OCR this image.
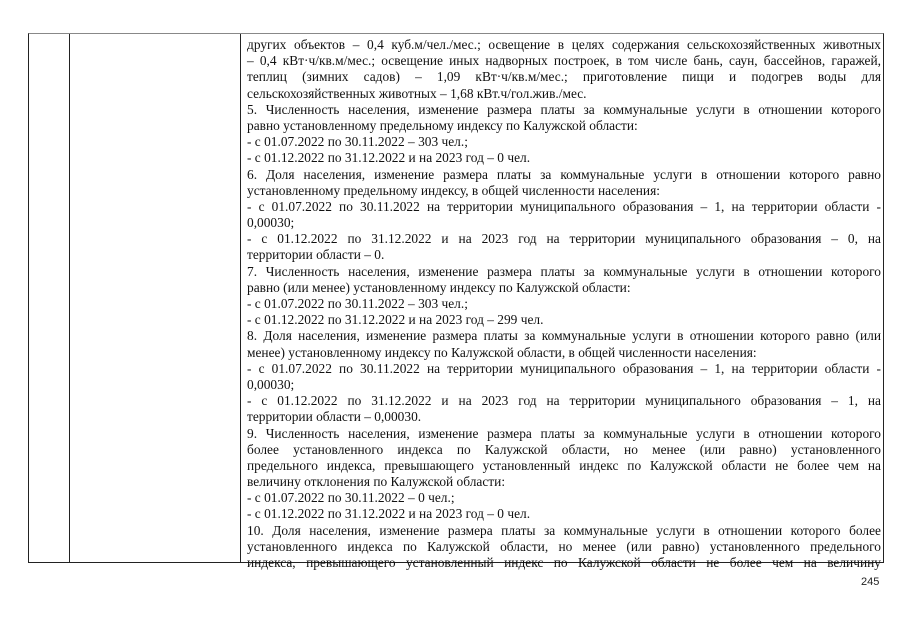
других объектов – 0,4 куб.м/чел./мес.; освещение в целях содержания сельскохозяйственных животных
– 0,4 кВт·ч/кв.м/мес.; освещение иных надворных построек, в том числе бань, саун, бассейнов, гаражей,
теплиц (зимних садов) – 1,09 кВт·ч/кв.м/мес.; приготовление пищи и подогрев воды для
сельскохозяйственных животных – 1,68 кВт.ч/гол.жив./мес.
5. Численность населения, изменение размера платы за коммунальные услуги в отношении которого
равно установленному предельному индексу по Калужской области:
- с 01.07.2022 по 30.11.2022 – 303 чел.;
- с 01.12.2022 по 31.12.2022 и на 2023 год – 0 чел.
6. Доля населения, изменение размера платы за коммунальные услуги в отношении которого равно
установленному предельному индексу, в общей численности населения:
- с 01.07.2022 по 30.11.2022 на территории муниципального образования – 1, на территории области -
0,00030;
- с 01.12.2022 по 31.12.2022 и на 2023 год на территории муниципального образования – 0, на
территории области – 0.
7. Численность населения, изменение размера платы за коммунальные услуги в отношении которого
равно (или менее) установленному индексу по Калужской области:
- с 01.07.2022 по 30.11.2022 – 303 чел.;
- с 01.12.2022 по 31.12.2022 и на 2023 год – 299 чел.
8. Доля населения, изменение размера платы за коммунальные услуги в отношении которого равно (или
менее) установленному индексу по Калужской области, в общей численности населения:
- с 01.07.2022 по 30.11.2022 на территории муниципального образования – 1, на территории области -
0,00030;
- с 01.12.2022 по 31.12.2022 и на 2023 год на территории муниципального образования – 1, на
территории области – 0,00030.
9. Численность населения, изменение размера платы за коммунальные услуги в отношении которого
более установленного индекса по Калужской области, но менее (или равно) установленного
предельного индекса, превышающего установленный индекс по Калужской области не более чем на
величину отклонения по Калужской области:
- с 01.07.2022 по 30.11.2022 – 0 чел.;
- с 01.12.2022 по 31.12.2022 и на 2023 год – 0 чел.
10. Доля населения, изменение размера платы за коммунальные услуги в отношении которого более
установленного индекса по Калужской области, но менее (или равно) установленного предельного
индекса, превышающего установленный индекс по Калужской области не более чем на величину
245
